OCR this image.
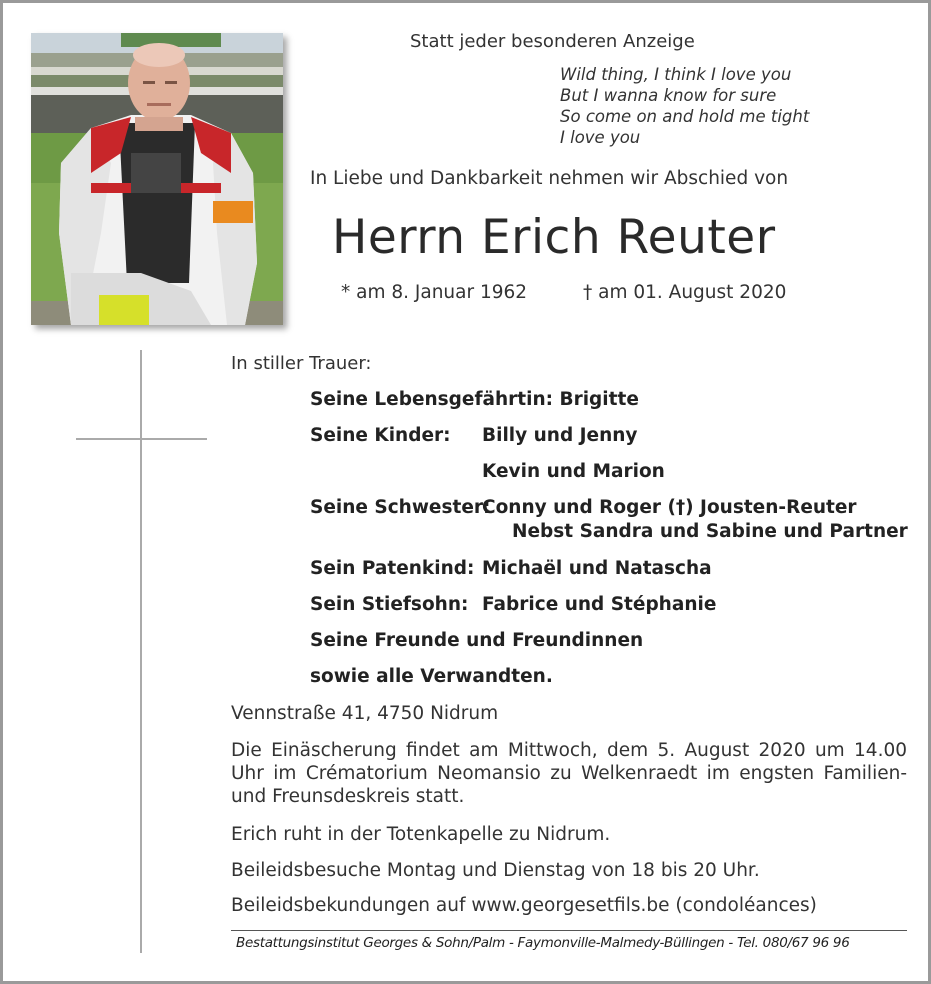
Statt jeder besonderen Anzeige
Wild thing, I think I love you
But I wanna know for sure
So come on and hold me tight
I love you
In Liebe und Dankbarkeit nehmen wir Abschied von
Herrn Erich Reuter
* am 8. Januar 1962	† am 01. August 2020
In stiller Trauer:
Seine Lebensgefährtin: Brigitte
Seine Kinder: Billy und Jenny
Kevin und Marion
Seine Schwester:
Conny und Roger (†) Jousten-Reuter
Nebst Sandra und Sabine und Partner
Sein Patenkind: Michaël und Natascha
Sein Stiefsohn: Fabrice und Stéphanie
Seine Freunde und Freundinnen
sowie alle Verwandten.
Vennstraße 41, 4750 Nidrum
Die Einäscherung findet am Mittwoch, dem 5. August 2020 um 14.00 Uhr im Crématorium Neomansio zu Welkenraedt im engsten Familien- und Freunsdeskreis statt.
Erich ruht in der Totenkapelle zu Nidrum.
Beileidsbesuche Montag und Dienstag von 18 bis 20 Uhr.
Beileidsbekundungen auf www.georgesetfils.be (condoléances)
Bestattungsinstitut Georges & Sohn/Palm - Faymonville-Malmedy-Büllingen - Tel. 080/67 96 96
